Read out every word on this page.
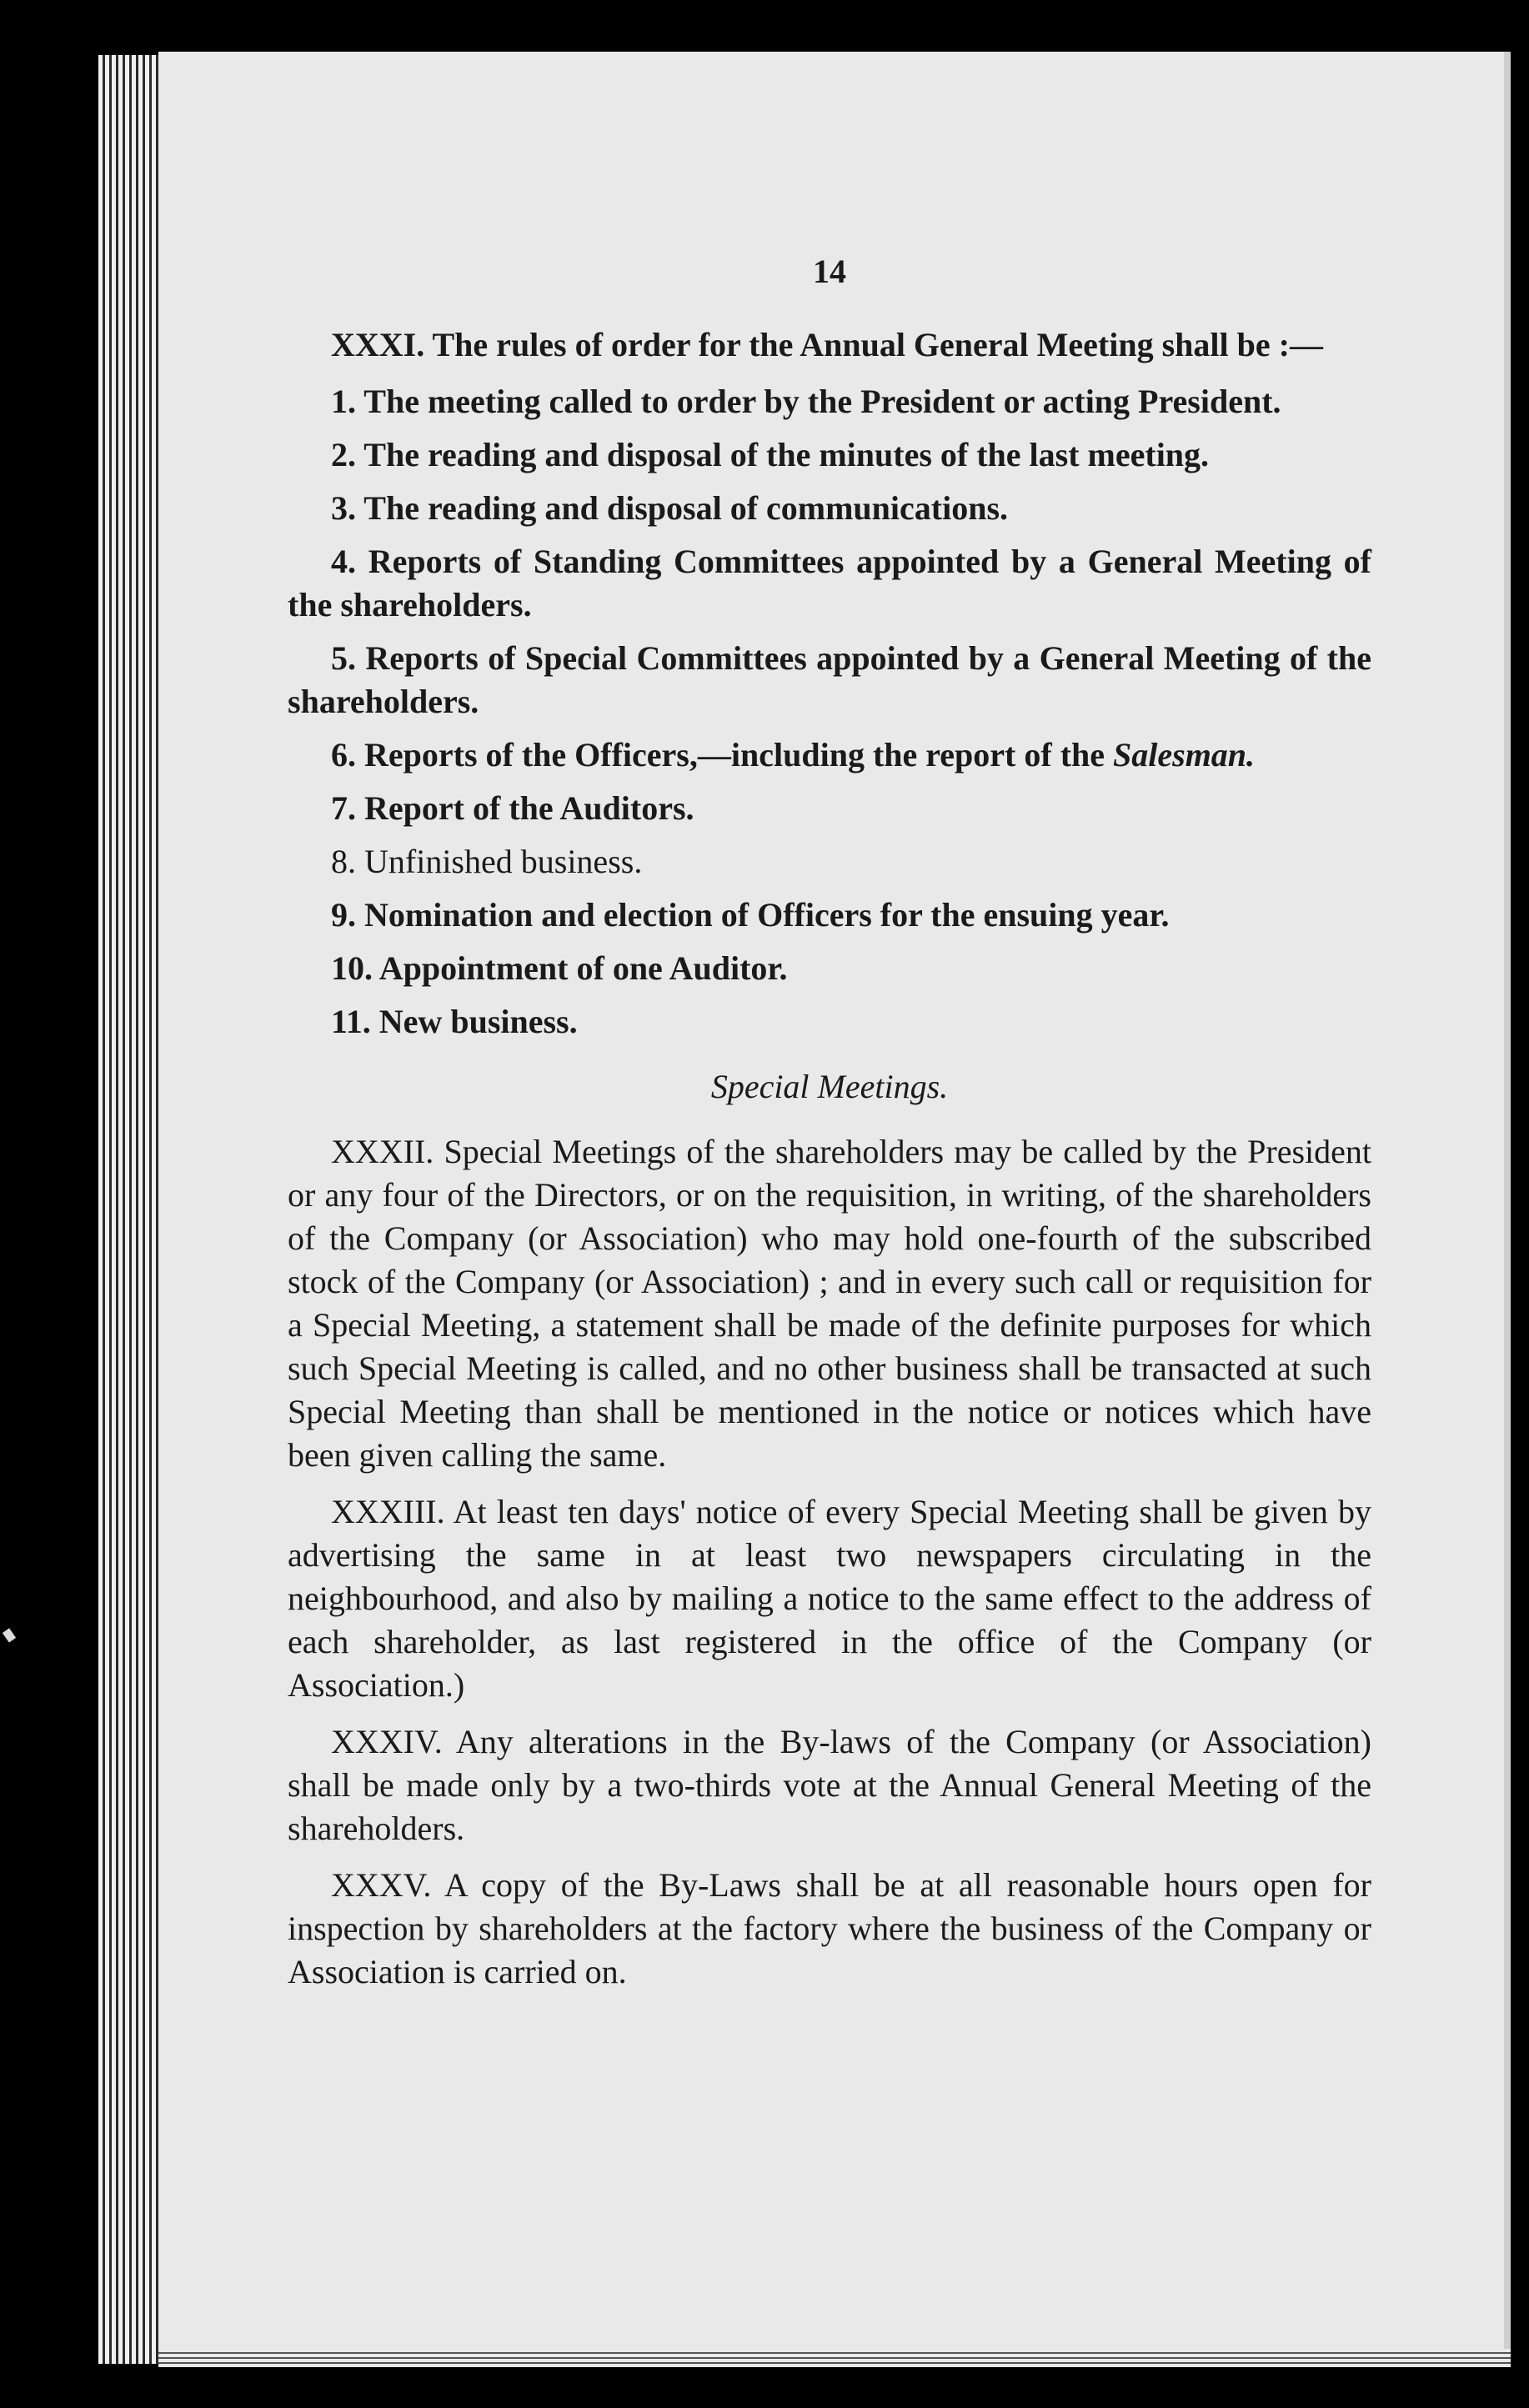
14

XXXI. The rules of order for the Annual General Meeting shall be :—

1. The meeting called to order by the President or acting President.

2. The reading and disposal of the minutes of the last meeting.

3. The reading and disposal of communications.

4. Reports of Standing Committees appointed by a General Meeting of the shareholders.

5. Reports of Special Committees appointed by a General Meeting of the shareholders.

6. Reports of the Officers,—including the report of the Salesman.

7. Report of the Auditors.

8. Unfinished business.

9. Nomination and election of Officers for the ensuing year.

10. Appointment of one Auditor.

11. New business.

Special Meetings.

XXXII. Special Meetings of the shareholders may be called by the President or any four of the Directors, or on the requisition, in writing, of the shareholders of the Company (or Association) who may hold one-fourth of the subscribed stock of the Company (or Association) ; and in every such call or requisition for a Special Meeting, a statement shall be made of the definite purposes for which such Special Meeting is called, and no other business shall be transacted at such Special Meeting than shall be mentioned in the notice or notices which have been given calling the same.

XXXIII. At least ten days' notice of every Special Meeting shall be given by advertising the same in at least two newspapers circulating in the neighbourhood, and also by mailing a notice to the same effect to the address of each shareholder, as last registered in the office of the Company (or Association.)

XXXIV. Any alterations in the By-laws of the Company (or Association) shall be made only by a two-thirds vote at the Annual General Meeting of the shareholders.

XXXV. A copy of the By-Laws shall be at all reasonable hours open for inspection by shareholders at the factory where the business of the Company or Association is carried on.
